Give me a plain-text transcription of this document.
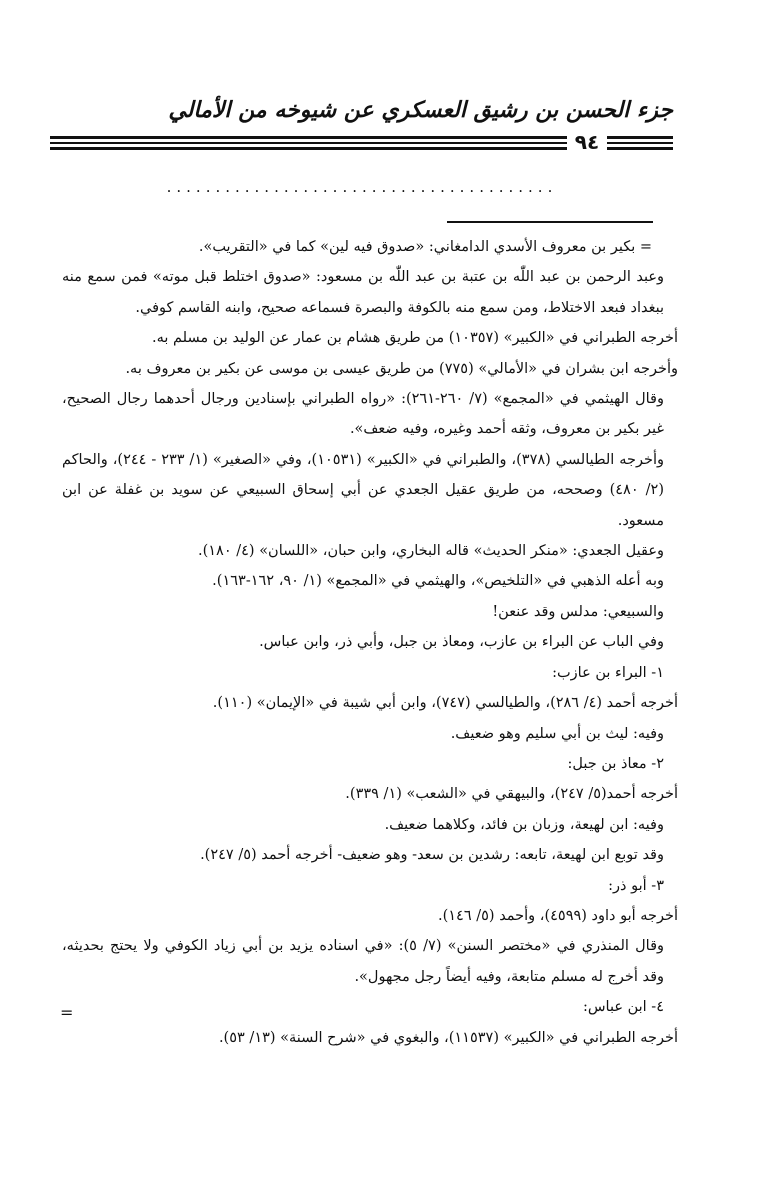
جزء الحسن بن رشيق العسكري عن شيوخه من الأمالي
٩٤
........................................

= بكير بن معروف الأسدي الدامغاني: «صدوق فيه لين» كما في «التقريب».

وعبد الرحمن بن عبد اللّٰه بن عتبة بن عبد اللّٰه بن مسعود: «صدوق اختلط قبل موته» فمن سمع منه ببغداد فبعد الاختلاط، ومن سمع منه بالكوفة والبصرة فسماعه صحيح، وابنه القاسم كوفي.

أخرجه الطبراني في «الكبير» (١٠٣٥٧) من طريق هشام بن عمار عن الوليد بن مسلم به.

وأخرجه ابن بشران في «الأمالي» (٧٧٥) من طريق عيسى بن موسى عن بكير بن معروف به.

وقال الهيثمي في «المجمع» (٧/ ٢٦٠-٢٦١): «رواه الطبراني بإسنادين ورجال أحدهما رجال الصحيح، غير بكير بن معروف، وثقه أحمد وغيره، وفيه ضعف».

وأخرجه الطيالسي (٣٧٨)، والطبراني في «الكبير» (١٠٥٣١)، وفي «الصغير» (١/ ٢٣٣ - ٢٤٤)، والحاكم (٢/ ٤٨٠) وصححه، من طريق عقيل الجعدي عن أبي إسحاق السبيعي عن سويد بن غفلة عن ابن مسعود.

وعقيل الجعدي: «منكر الحديث» قاله البخاري، وابن حبان، «اللسان» (٤/ ١٨٠).

وبه أعله الذهبي في «التلخيص»، والهيثمي في «المجمع» (١/ ٩٠، ١٦٢-١٦٣).

والسبيعي: مدلس وقد عنعن!

وفي الباب عن البراء بن عازب، ومعاذ بن جبل، وأبي ذر، وابن عباس.

١- البراء بن عازب:

أخرجه أحمد (٤/ ٢٨٦)، والطيالسي (٧٤٧)، وابن أبي شيبة في «الإيمان» (١١٠).

وفيه: ليث بن أبي سليم وهو ضعيف.

٢- معاذ بن جبل:

أخرجه أحمد(٥/ ٢٤٧)، والبيهقي في «الشعب» (١/ ٣٣٩).

وفيه: ابن لهيعة، وزبان بن فائد، وكلاهما ضعيف.

وقد توبع ابن لهيعة، تابعه: رشدين بن سعد- وهو ضعيف- أخرجه أحمد (٥/ ٢٤٧).

٣- أبو ذر:

أخرجه أبو داود (٤٥٩٩)، وأحمد (٥/ ١٤٦).

وقال المنذري في «مختصر السنن» (٧/ ٥): «في اسناده يزيد بن أبي زياد الكوفي ولا يحتج بحديثه، وقد أخرج له مسلم متابعة، وفيه أيضاً رجل مجهول».

٤- ابن عباس:

أخرجه الطبراني في «الكبير» (١١٥٣٧)، والبغوي في «شرح السنة» (١٣/ ٥٣).

=
